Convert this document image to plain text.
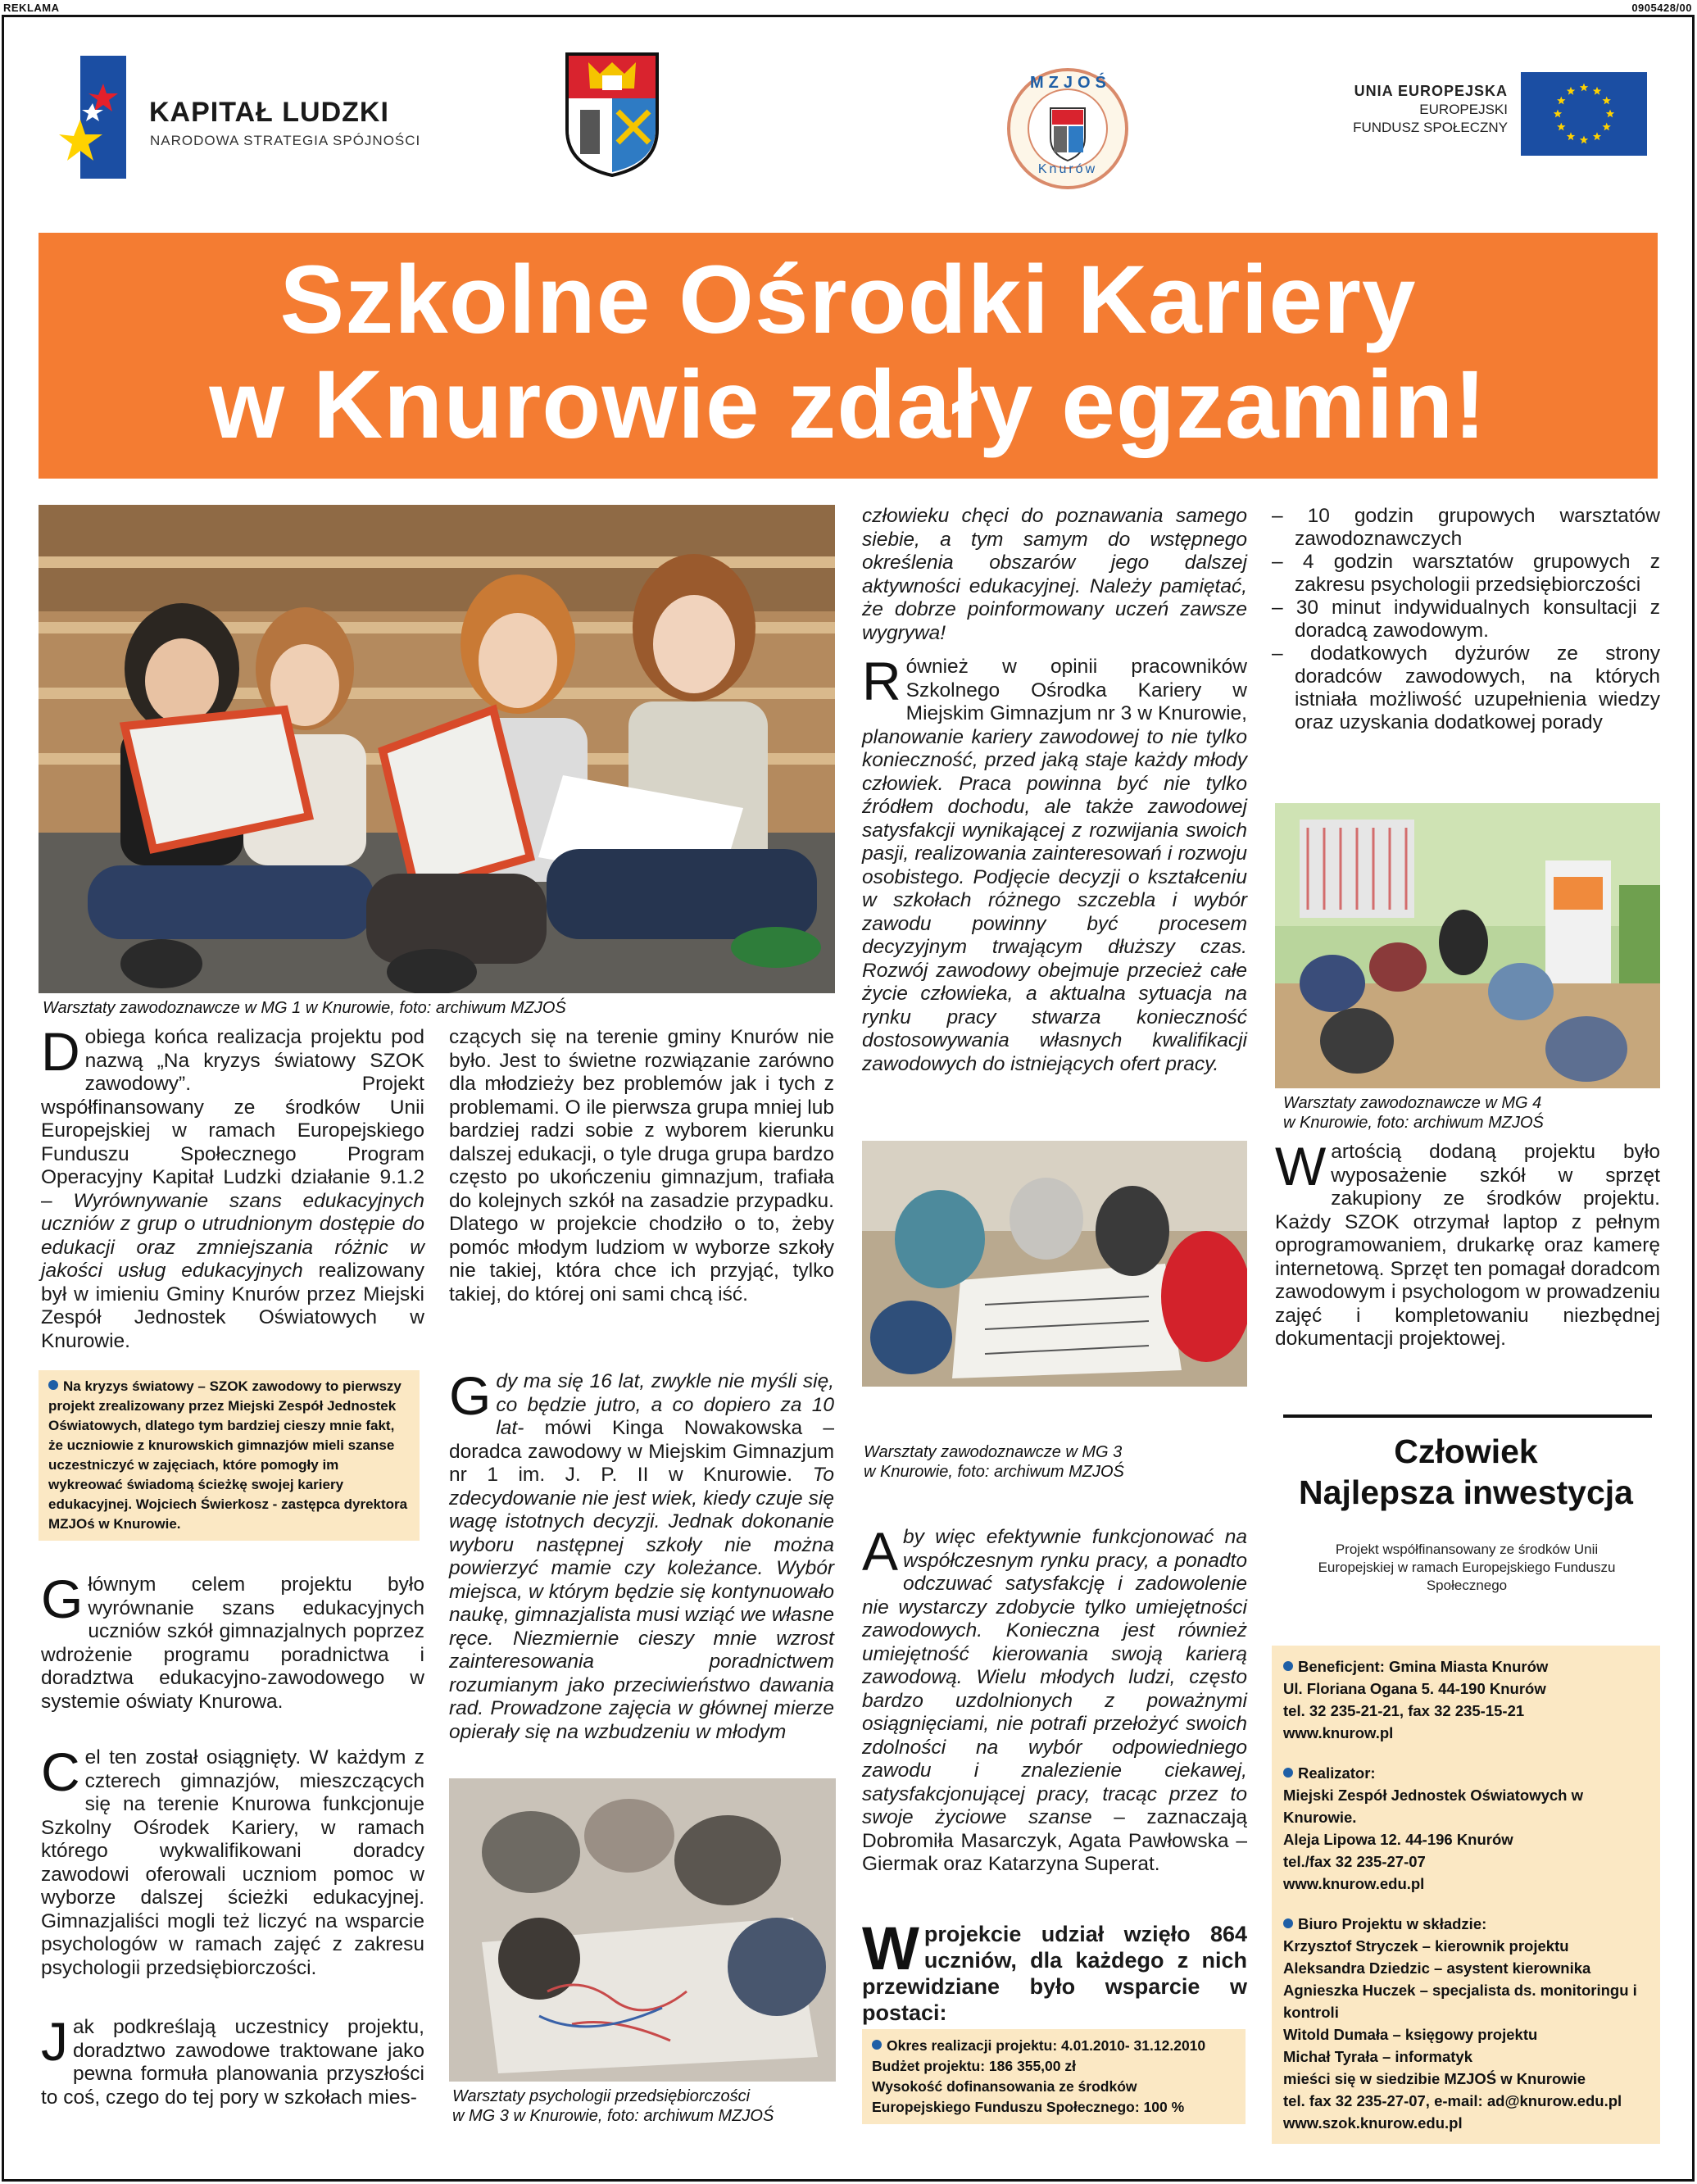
REKLAMA	0905428/00
KAPITAŁ LUDZKI
NARODOWA STRATEGIA SPÓJNOŚCI
MZJOŚ
Knurów
UNIA EUROPEJSKA
EUROPEJSKI
FUNDUSZ SPOŁECZNY
Szkolne Ośrodki Kariery
w Knurowie zdały egzamin!
Warsztaty zawodoznawcze w MG 1 w Knurowie, foto: archiwum MZJOŚ
Dobiega końca realizacja projektu pod nazwą „Na kryzys światowy SZOK zawodowy”. Projekt współfinansowany ze środków Unii Europejskiej w ramach Europejskiego Funduszu Społecznego Program Operacyjny Kapitał Ludzki działanie 9.1.2 – Wyrównywanie szans edukacyjnych uczniów z grup o utrudnionym dostępie do edukacji oraz zmniejszania różnic w jakości usług edukacyjnych realizowany był w imieniu Gminy Knurów przez Miejski Zespół Jednostek Oświatowych w Knurowie.
Na kryzys światowy – SZOK zawodowy to pierwszy projekt zrealizowany przez Miejski Zespół Jednostek Oświatowych, dlatego tym bardziej cieszy mnie fakt, że uczniowie z knurowskich gimnazjów mieli szanse uczestniczyć w zajęciach, które pomogły im wykreować świadomą ścieżkę swojej kariery edukacyjnej. Wojciech Świerkosz - zastępca dyrektora MZJOś w Knurowie.
Głównym celem projektu było wyrównanie szans edukacyjnych uczniów szkół gimnazjalnych poprzez wdrożenie programu poradnictwa i doradztwa edukacyjno-zawodowego w systemie oświaty Knurowa.
Cel ten został osiągnięty. W każdym z czterech gimnazjów, mieszczących się na terenie Knurowa funkcjonuje Szkolny Ośrodek Kariery, w ramach którego wykwalifikowani doradcy zawodowi oferowali uczniom pomoc w wyborze dalszej ścieżki edukacyjnej. Gimnazjaliści mogli też liczyć na wsparcie psychologów w ramach zajęć z zakresu psychologii przedsiębiorczości.
Jak podkreślają uczestnicy projektu, doradztwo zawodowe traktowane jako pewna formuła planowania przyszłości to coś, czego do tej pory w szkołach mies-
czących się na terenie gminy Knurów nie było. Jest to świetne rozwiązanie zarówno dla młodzieży bez problemów jak i tych z problemami. O ile pierwsza grupa mniej lub bardziej radzi sobie z wyborem kierunku dalszej edukacji, o tyle druga grupa bardzo często po ukończeniu gimnazjum, trafiała do kolejnych szkół na zasadzie przypadku. Dlatego w projekcie chodziło o to, żeby pomóc młodym ludziom w wyborze szkoły nie takiej, która chce ich przyjąć, tylko takiej, do której oni sami chcą iść.
Gdy ma się 16 lat, zwykle nie myśli się, co będzie jutro, a co dopiero za 10 lat- mówi Kinga Nowakowska – doradca zawodowy w Miejskim Gimnazjum nr 1 im. J. P. II w Knurowie. To zdecydowanie nie jest wiek, kiedy czuje się wagę istotnych decyzji. Jednak dokonanie wyboru następnej szkoły nie można powierzyć mamie czy koleżance. Wybór miejsca, w którym będzie się kontynuowało naukę, gimnazjalista musi wziąć we własne ręce. Niezmiernie cieszy mnie wzrost zainteresowania poradnictwem rozumianym jako przeciwieństwo dawania rad. Prowadzone zajęcia w głównej mierze opierały się na wzbudzeniu w młodym
Warsztaty psychologii przedsiębiorczości
w MG 3 w Knurowie, foto: archiwum MZJOŚ
człowieku chęci do poznawania samego siebie, a tym samym do wstępnego określenia obszarów jego dalszej aktywności edukacyjnej. Należy pamiętać, że dobrze poinformowany uczeń zawsze wygrywa!
Również w opinii pracowników Szkolnego Ośrodka Kariery w Miejskim Gimnazjum nr 3 w Knurowie, planowanie kariery zawodowej to nie tylko konieczność, przed jaką staje każdy młody człowiek. Praca powinna być nie tylko źródłem dochodu, ale także zawodowej satysfakcji wynikającej z rozwijania swoich pasji, realizowania zainteresowań i rozwoju osobistego. Podjęcie decyzji o kształceniu w szkołach różnego szczebla i wybór zawodu powinny być procesem decyzyjnym trwającym dłuższy czas. Rozwój zawodowy obejmuje przecież całe życie człowieka, a aktualna sytuacja na rynku pracy stwarza konieczność dostosowywania własnych kwalifikacji zawodowych do istniejących ofert pracy.
Warsztaty zawodoznawcze w MG 3
w Knurowie, foto: archiwum MZJOŚ
Aby więc efektywnie funkcjonować na współczesnym rynku pracy, a ponadto odczuwać satysfakcję i zadowolenie nie wystarczy zdobycie tylko umiejętności zawodowych. Konieczna jest również umiejętność kierowania swoją karierą zawodową. Wielu młodych ludzi, często bardzo uzdolnionych z poważnymi osiągnięciami, nie potrafi przełożyć swoich zdolności na wybór odpowiedniego zawodu i znalezienie ciekawej, satysfakcjonującej pracy, tracąc przez to swoje życiowe szanse – zaznaczają Dobromiła Masarczyk, Agata Pawłowska – Giermak oraz Katarzyna Superat.
Wprojekcie udział wzięło 864 uczniów, dla każdego z nich przewidziane było wsparcie w postaci:
Okres realizacji projektu: 4.01.2010- 31.12.2010
Budżet projektu: 186 355,00 zł
Wysokość dofinansowania ze środków
Europejskiego Funduszu Społecznego: 100 %
– 10 godzin grupowych warsztatów zawodoznawczych
– 4 godzin warsztatów grupowych z zakresu psychologii przedsiębiorczości
– 30 minut indywidualnych konsultacji z doradcą zawodowym.
– dodatkowych dyżurów ze strony doradców zawodowych, na których istniała możliwość uzupełnienia wiedzy oraz uzyskania dodatkowej porady
Warsztaty zawodoznawcze w MG 4
w Knurowie, foto: archiwum MZJOŚ
Wartością dodaną projektu było wyposażenie szkół w sprzęt zakupiony ze środków projektu. Każdy SZOK otrzymał laptop z pełnym oprogramowaniem, drukarkę oraz kamerę internetową. Sprzęt ten pomagał doradcom zawodowym i psychologom w prowadzeniu zajęć i kompletowaniu niezbędnej dokumentacji projektowej.
Człowiek
Najlepsza inwestycja
Projekt współfinansowany ze środków Unii Europejskiej w ramach Europejskiego Funduszu Społecznego

Beneficjent: Gmina Miasta Knurów

Ul. Floriana Ogana 5. 44-190 Knurów

tel. 32 235-21-21, fax 32 235-15-21

www.knurow.pl

Realizator:

Miejski Zespół Jednostek Oświatowych w Knurowie.

Aleja Lipowa 12. 44-196 Knurów

tel./fax 32 235-27-07

www.knurow.edu.pl

Biuro Projektu w składzie:

Krzysztof Stryczek – kierownik projektu

Aleksandra Dziedzic – asystent kierownika

Agnieszka Huczek – specjalista ds. monitoringu i kontroli

Witold Dumała – księgowy projektu

Michał Tyrała – informatyk

mieści się w siedzibie MZJOŚ w Knurowie

tel. fax 32 235-27-07, e-mail: ad@knurow.edu.pl

www.szok.knurow.edu.pl
